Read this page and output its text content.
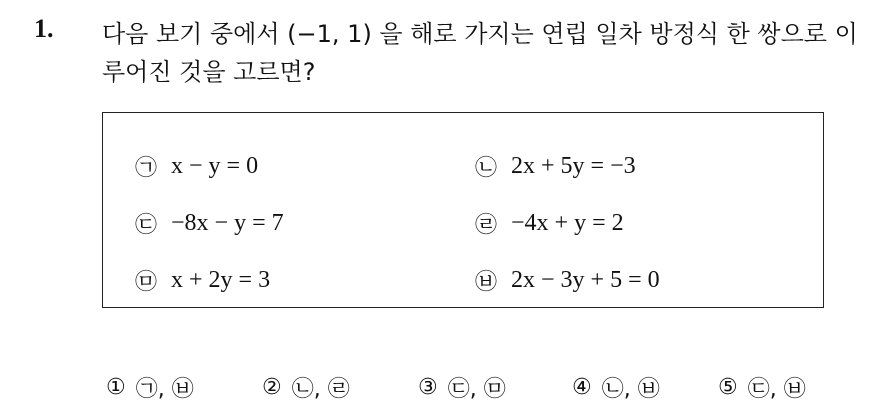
1. 다음 보기 중에서 (−1, 1) 을 해로 가지는 연립 일차 방정식 한 쌍으로 이루어진 것을 고르면?
㉠ x − y = 0	㉡ 2x + 5y = −3
㉢ −8x − y = 7	㉣ −4x + y = 2
㉤ x + 2y = 3	㉥ 2x − 3y + 5 = 0
① ㉠, ㉥	② ㉡, ㉣	③ ㉢, ㉤	④ ㉡, ㉥	⑤ ㉢, ㉥
